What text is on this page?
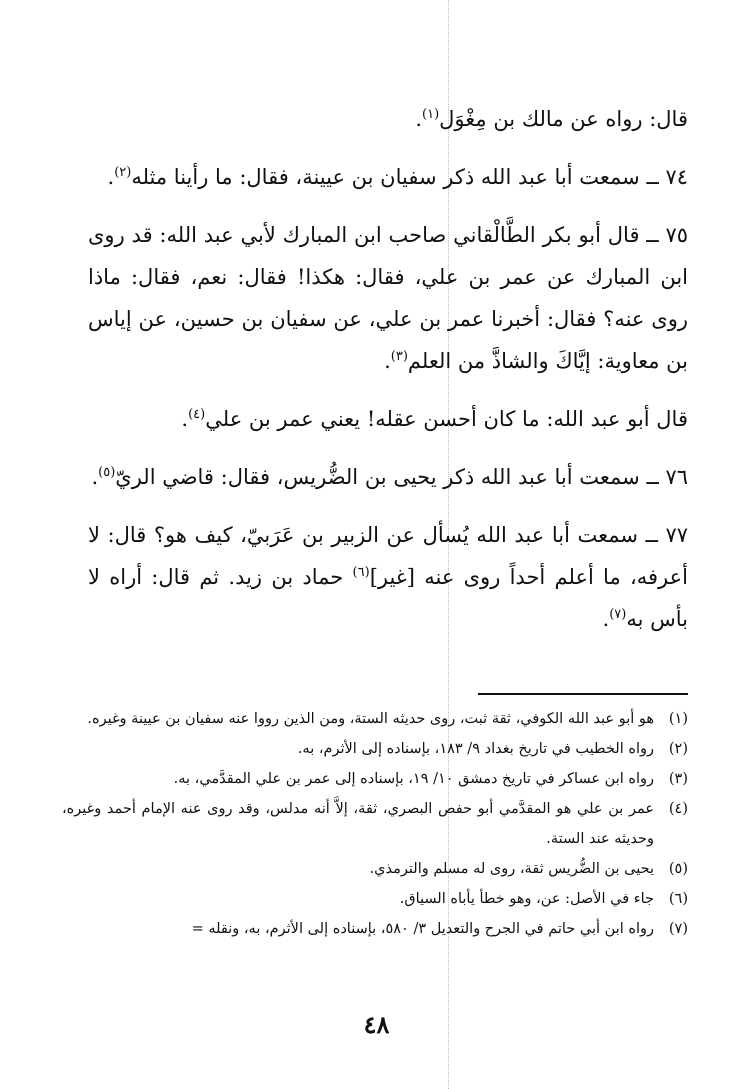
قال: رواه عن مالك بن مِغْوَل$^{(١)}$.

٧٤ ــ سمعت أبا عبد الله ذكر سفيان بن عيينة، فقال: ما رأينا مثله$^{(٢)}$.

٧٥ ــ قال أبو بكر الطَّالْقاني صاحب ابن المبارك لأبي عبد الله: قد روى ابن المبارك عن عمر بن علي، فقال: هكذا! فقال: نعم، فقال: ماذا روى عنه؟ فقال: أخبرنا عمر بن علي، عن سفيان بن حسين، عن إياس بن معاوية: إيَّاكَ والشاذَّ من العلم$^{(٣)}$.

قال أبو عبد الله: ما كان أحسن عقله! يعني عمر بن علي$^{(٤)}$.

٧٦ ــ سمعت أبا عبد الله ذكر يحيى بن الضُّريس، فقال: قاضي الريّ$^{(٥)}$.

٧٧ ــ سمعت أبا عبد الله يُسأل عن الزبير بن عَرَبيّ، كيف هو؟ قال: لا أعرفه، ما أعلم أحداً روى عنه [غير]$^{(٦)}$ حماد بن زيد. ثم قال: أراه لا بأس به$^{(٧)}$.

(١)
هو أبو عبد الله الكوفي، ثقة ثبت، روى حديثه الستة، ومن الذين رووا عنه سفيان بن عيينة وغيره.
(٢)
رواه الخطيب في تاريخ بغداد ٩/ ١٨٣، بإسناده إلى الأثرم، به.
(٣)
رواه ابن عساكر في تاريخ دمشق ١٠/ ١٩، بإسناده إلى عمر بن علي المقدَّمي، به.
(٤)
عمر بن علي هو المقدَّمي أبو حفص البصري، ثقة، إلاَّ أنه مدلس، وقد روى عنه الإمام أحمد وغيره، وحديثه عند الستة.
(٥)
يحيى بن الضُّريس ثقة، روى له مسلم والترمذي.
(٦)
جاء في الأصل: عن، وهو خطأ يأباه السياق.
(٧)
رواه ابن أبي حاتم في الجرح والتعديل ٣/ ٥٨٠، بإسناده إلى الأثرم، به، ونقله =
٤٨
